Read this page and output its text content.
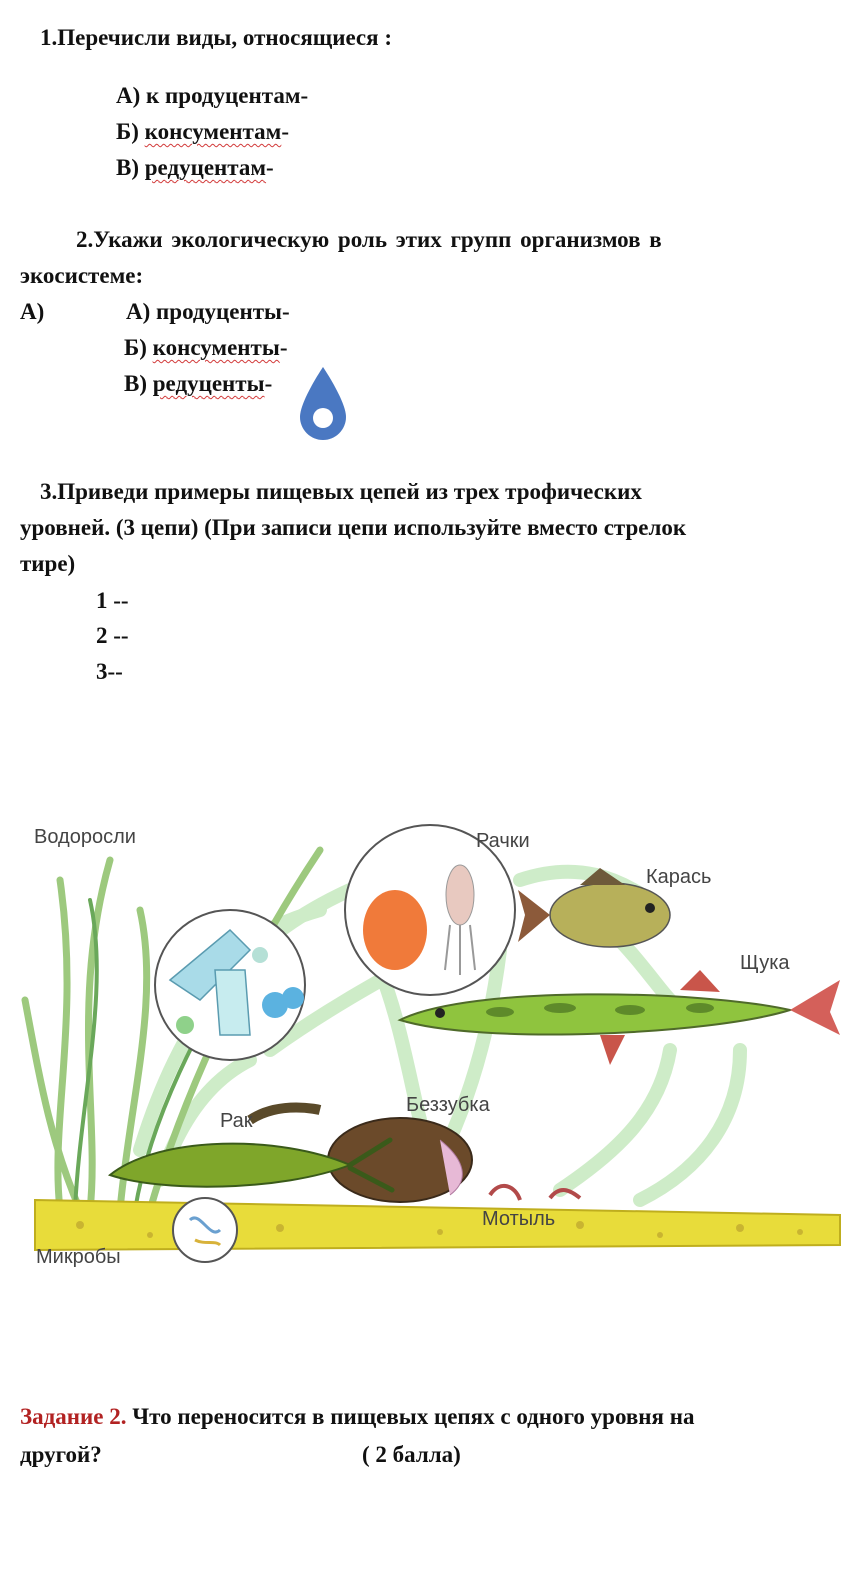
1.Перечисли виды, относящиеся :
А) к продуцентам-
Б) консументам-
В) редуцентам-
2.Укажи экологическую роль этих групп организмов в
экосистеме:
А)	А) продуценты-
Б) консументы-
В) редуценты-
3.Приведи примеры пищевых цепей из трех трофических
уровней. (3 цепи) (При записи цепи используйте вместо стрелок
тире)
1 --
2 --
3--
Водоросли	Рачки
Карась
Щука
Рак
Беззубка
Мотыль
Микробы
Задание 2. Что переносится в пищевых цепях с одного уровня на
другой?	( 2 балла)
